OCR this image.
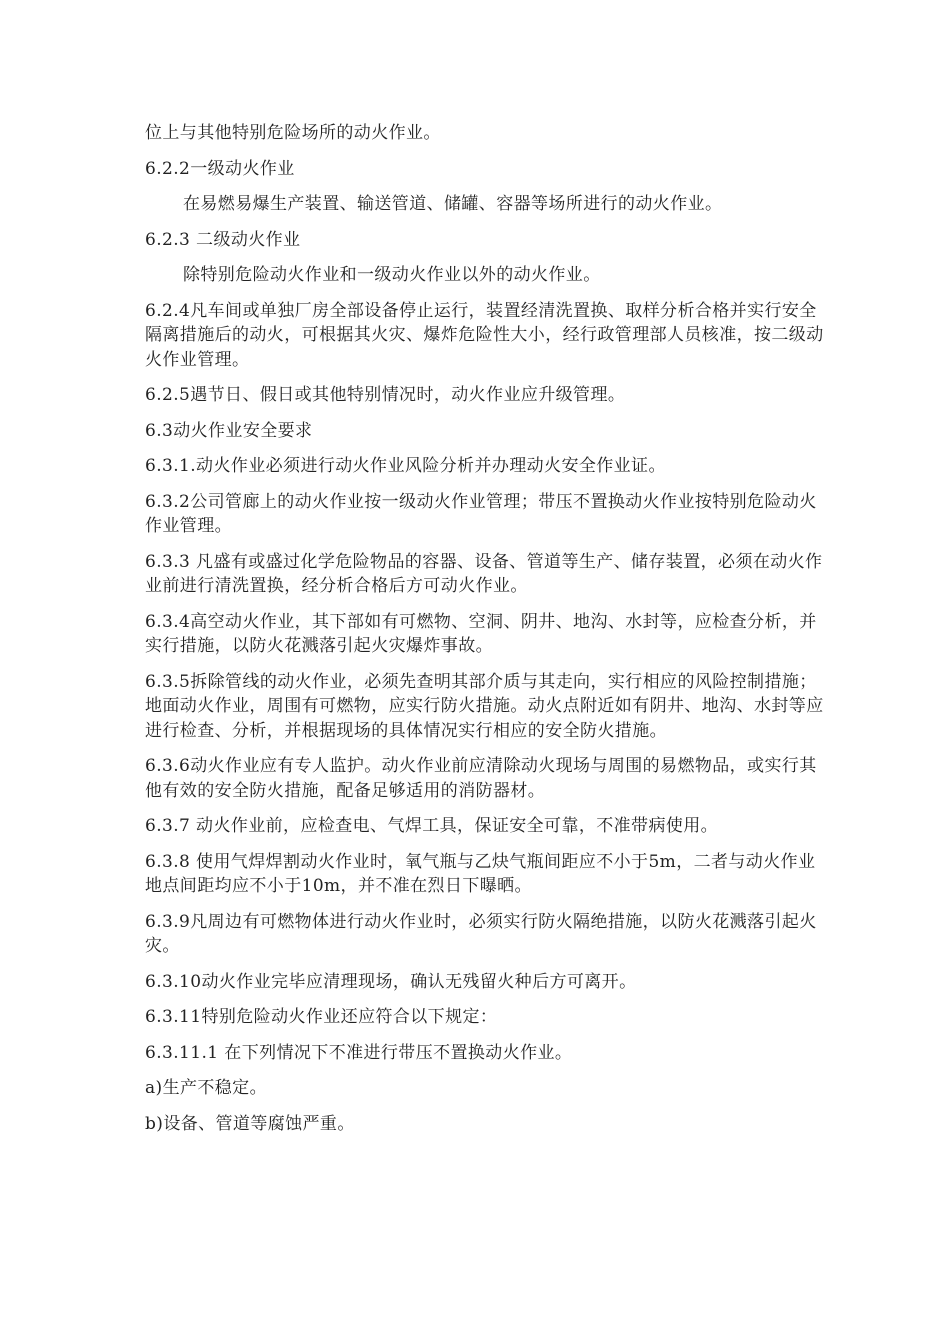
位上与其他特别危险场所的动火作业。

6.2.2一级动火作业

在易燃易爆生产装置、输送管道、储罐、容器等场所进行的动火作业。

6.2.3 二级动火作业

除特别危险动火作业和一级动火作业以外的动火作业。

6.2.4凡车间或单独厂房全部设备停止运行，装置经清洗置换、取样分析合格并实行安全隔离措施后的动火，可根据其火灾、爆炸危险性大小，经行政管理部人员核准，按二级动火作业管理。

6.2.5遇节日、假日或其他特别情况时，动火作业应升级管理。

6.3动火作业安全要求

6.3.1.动火作业必须进行动火作业风险分析并办理动火安全作业证。

6.3.2公司管廊上的动火作业按一级动火作业管理；带压不置换动火作业按特别危险动火作业管理。

6.3.3 凡盛有或盛过化学危险物品的容器、设备、管道等生产、储存装置，必须在动火作业前进行清洗置换，经分析合格后方可动火作业。

6.3.4高空动火作业，其下部如有可燃物、空洞、阴井、地沟、水封等，应检查分析，并实行措施，以防火花溅落引起火灾爆炸事故。

6.3.5拆除管线的动火作业，必须先查明其部介质与其走向，实行相应的风险控制措施；地面动火作业，周围有可燃物，应实行防火措施。动火点附近如有阴井、地沟、水封等应进行检查、分析，并根据现场的具体情况实行相应的安全防火措施。

6.3.6动火作业应有专人监护。动火作业前应清除动火现场与周围的易燃物品，或实行其他有效的安全防火措施，配备足够适用的消防器材。

6.3.7 动火作业前，应检查电、气焊工具，保证安全可靠，不准带病使用。

6.3.8 使用气焊焊割动火作业时，氧气瓶与乙炔气瓶间距应不小于5m，二者与动火作业地点间距均应不小于10m，并不准在烈日下曝晒。

6.3.9凡周边有可燃物体进行动火作业时，必须实行防火隔绝措施，以防火花溅落引起火灾。

6.3.10动火作业完毕应清理现场，确认无残留火种后方可离开。

6.3.11特别危险动火作业还应符合以下规定：

6.3.11.1 在下列情况下不准进行带压不置换动火作业。

a)生产不稳定。

b)设备、管道等腐蚀严重。
